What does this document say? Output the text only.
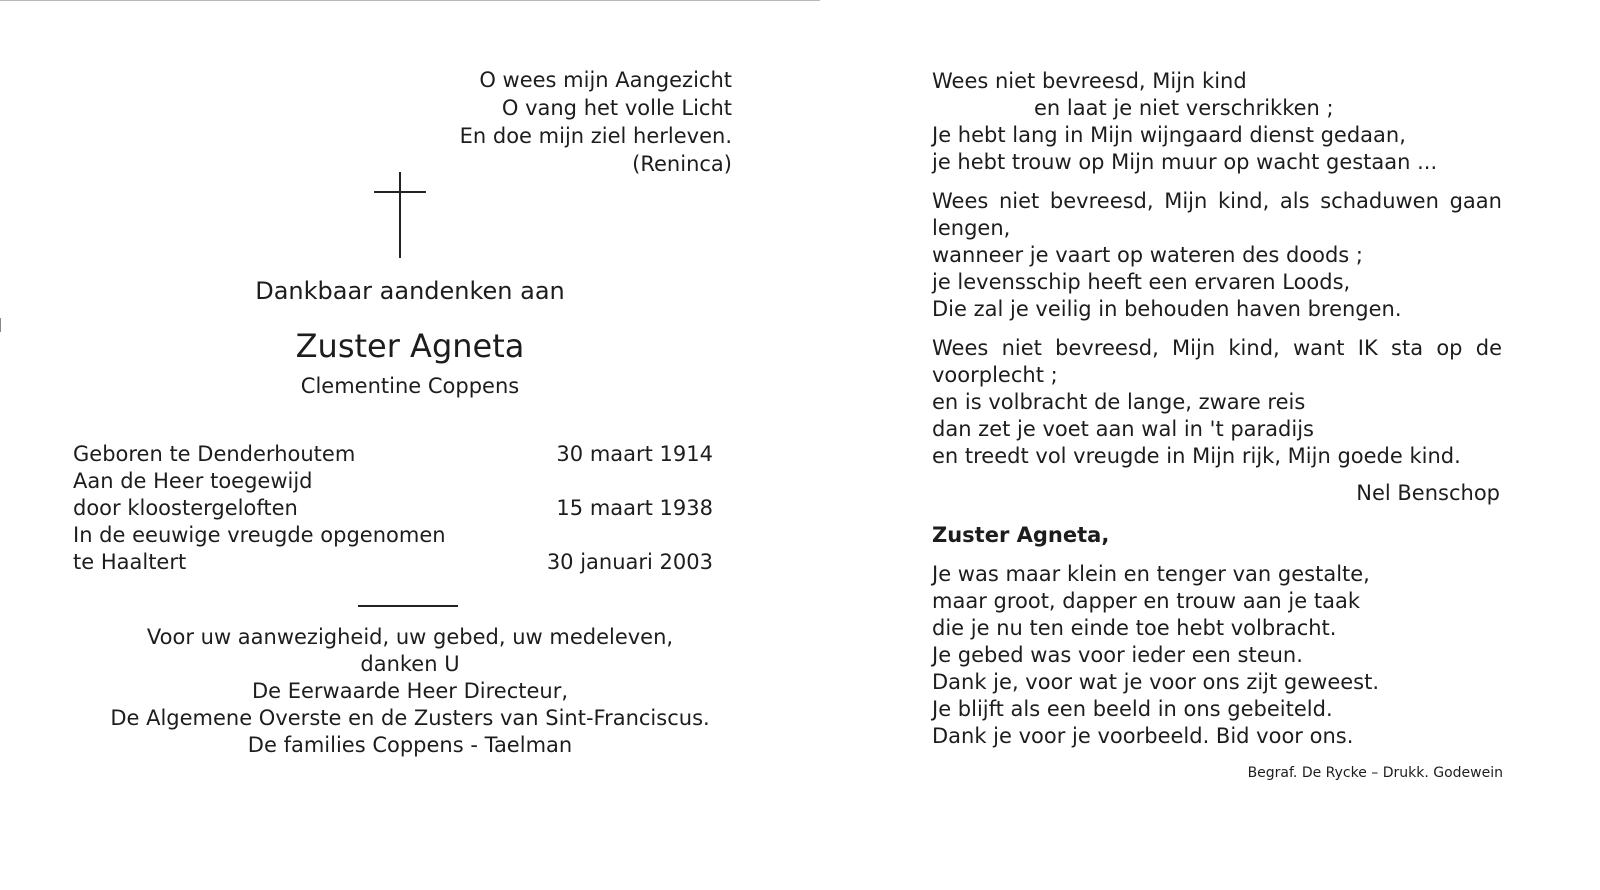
O wees mijn Aangezicht
O vang het volle Licht
En doe mijn ziel herleven.
(Reninca)
Dankbaar aandenken aan
Zuster Agneta
Clementine Coppens
Geboren te Denderhoutem	30 maart 1914
Aan de Heer toegewijd
door kloostergeloften	15 maart 1938
In de eeuwige vreugde opgenomen
te Haaltert	30 januari 2003
Voor uw aanwezigheid, uw gebed, uw medeleven,
danken U
De Eerwaarde Heer Directeur,
De Algemene Overste en de Zusters van Sint-Franciscus.
De families Coppens - Taelman
Wees niet bevreesd, Mijn kind
en laat je niet verschrikken ;
Je hebt lang in Mijn wijngaard dienst gedaan,
je hebt trouw op Mijn muur op wacht gestaan ...
Wees niet bevreesd, Mijn kind, als schaduwen gaan
lengen,
wanneer je vaart op wateren des doods ;
je levensschip heeft een ervaren Loods,
Die zal je veilig in behouden haven brengen.
Wees niet bevreesd, Mijn kind, want IK sta op de
voorplecht ;
en is volbracht de lange, zware reis
dan zet je voet aan wal in 't paradijs
en treedt vol vreugde in Mijn rijk, Mijn goede kind.
Nel Benschop
Zuster Agneta,
Je was maar klein en tenger van gestalte,
maar groot, dapper en trouw aan je taak
die je nu ten einde toe hebt volbracht.
Je gebed was voor ieder een steun.
Dank je, voor wat je voor ons zijt geweest.
Je blijft als een beeld in ons gebeiteld.
Dank je voor je voorbeeld. Bid voor ons.
Begraf. De Rycke – Drukk. Godewein
